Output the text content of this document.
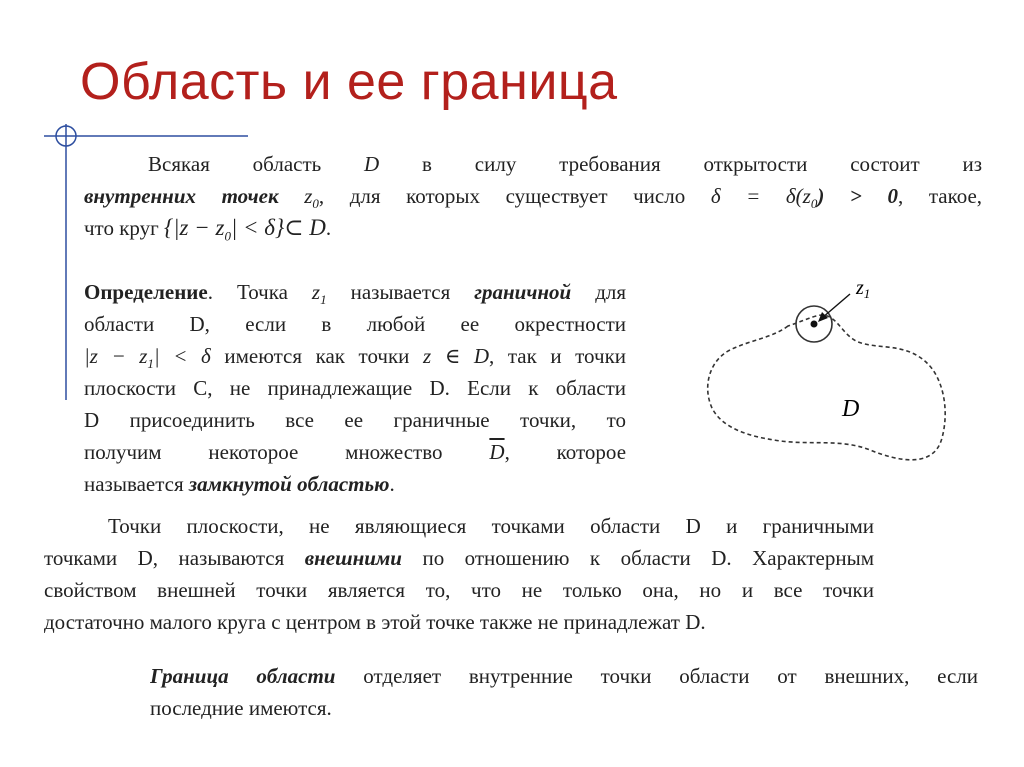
Область и ее граница
Всякая область D в силу требования открытости состоит из
внутренних точек $z_0$, для которых существует число $\delta = \delta(z_0) > 0$, такое,
что круг {$|z - z_0|$ < δ}⊂ D.
Определение. Точка $z_1$ называется граничной для
области D, если в любой ее окрестности
$|z - z_1| < \delta$ имеются как точки z ∈ D, так и точки
плоскости C, не принадлежащие D. Если к области
D присоединить все ее граничные точки, то
получим некоторое множество $\overline{D}$, которое
называется замкнутой областью.
$z_1$
D
Точки плоскости, не являющиеся точками области D и граничными
точками D, называются внешними по отношению к области D. Характерным
свойством внешней точки является то, что не только она, но и все точки
достаточно малого круга с центром в этой точке также не принадлежат D.
Граница области отделяет внутренние точки области от внешних, если
последние имеются.
